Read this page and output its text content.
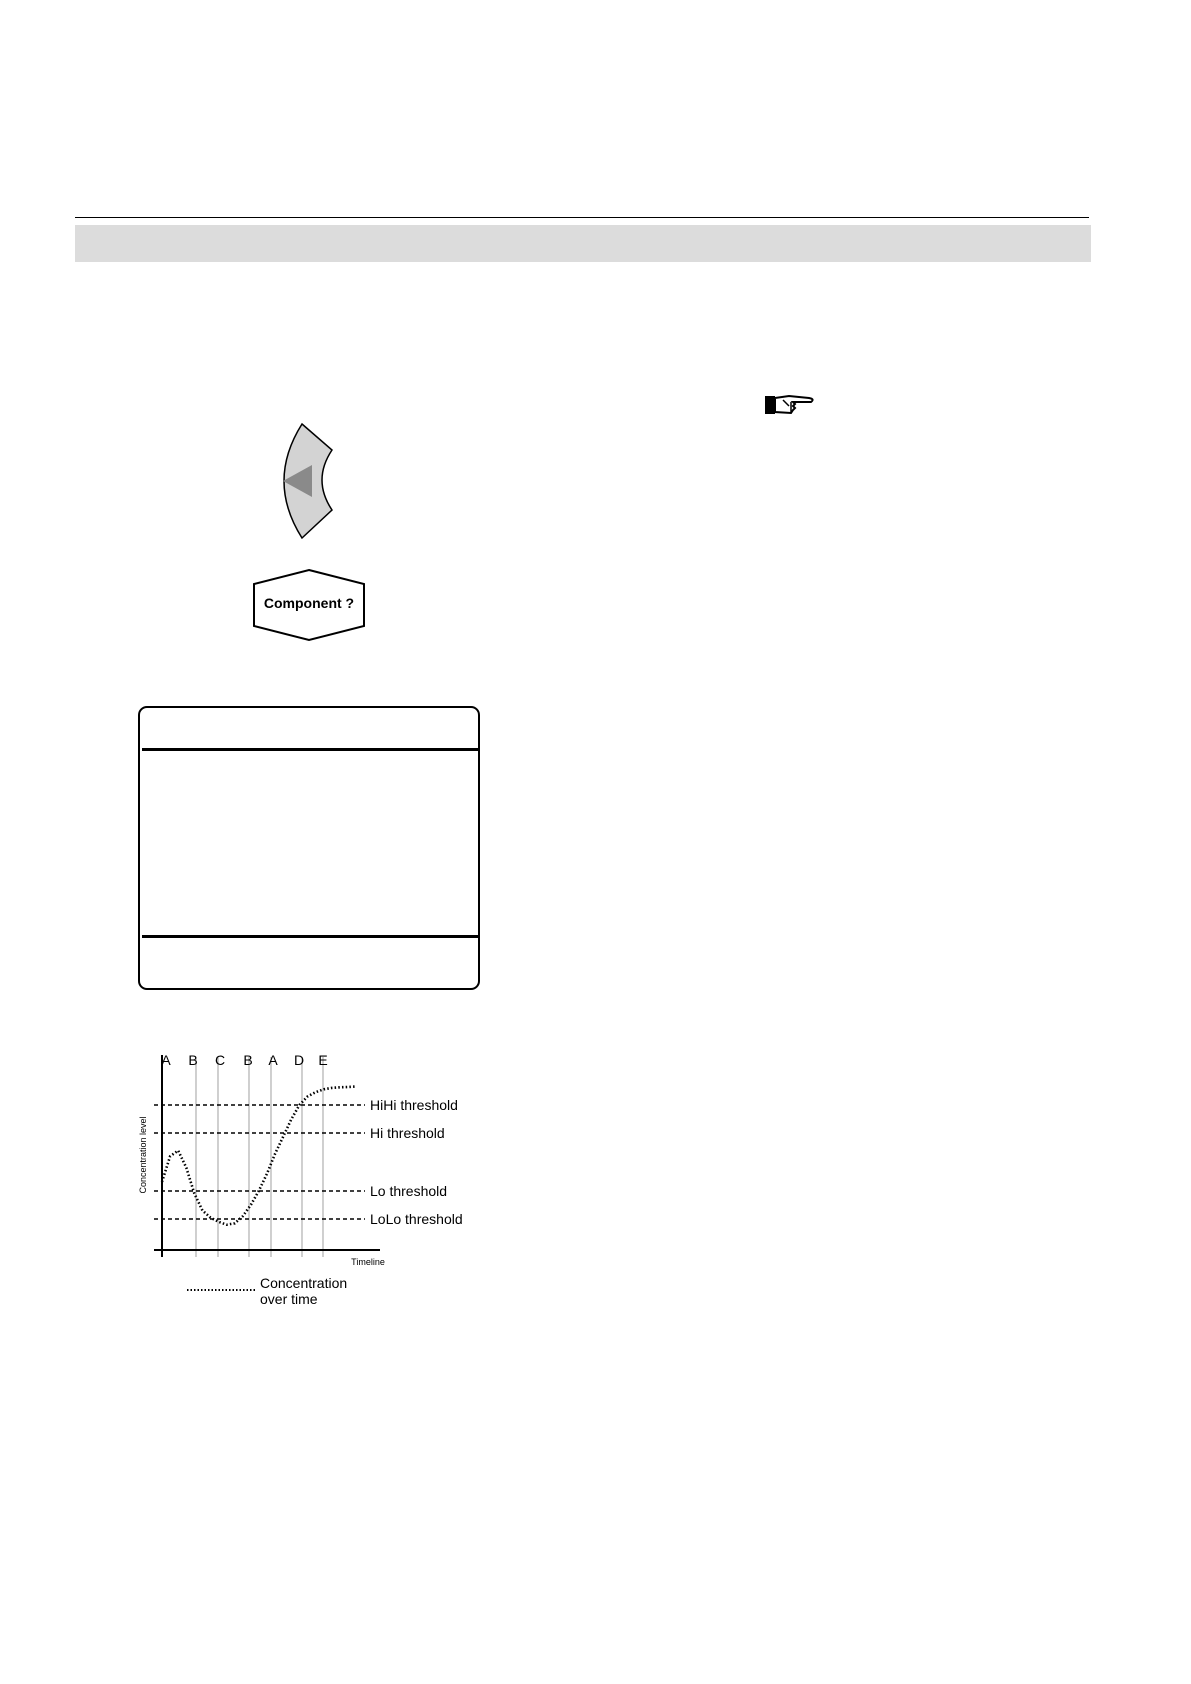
Component ?
HiHi threshold
Hi threshold
Lo threshold
LoLo threshold
A B C B A D E
Concentration level
Timeline
Concentration
over time
